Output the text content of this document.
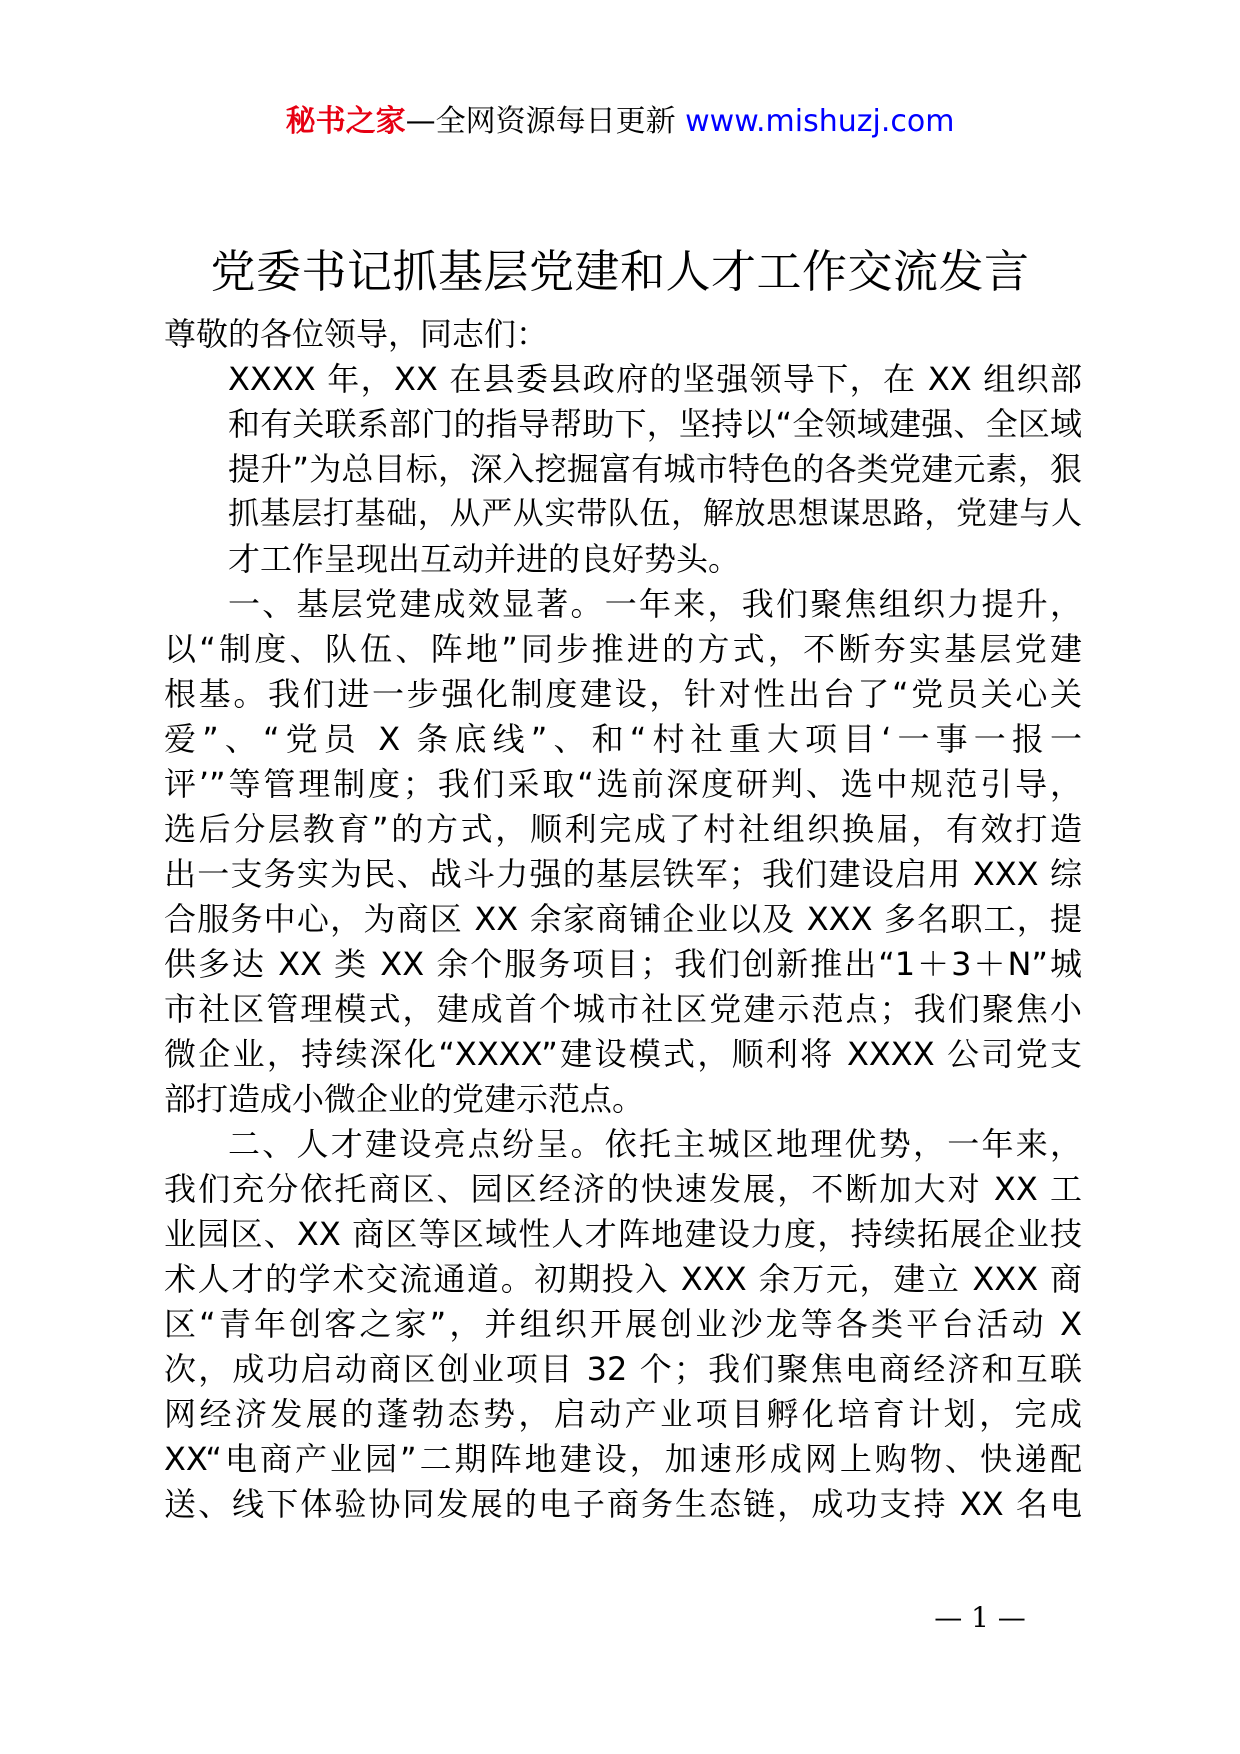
秘书之家—全网资源每日更新 www.mishuzj.com
党委书记抓基层党建和人才工作交流发言

尊敬的各位领导，同志们：

XXXX 年，XX 在县委县政府的坚强领导下，在 XX 组织部
和有关联系部门的指导帮助下，坚持以“全领域建强、全区域
提升”为总目标，深入挖掘富有城市特色的各类党建元素，狠
抓基层打基础，从严从实带队伍，解放思想谋思路，党建与人
才工作呈现出互动并进的良好势头。

一、基层党建成效显著。一年来，我们聚焦组织力提升，
以“制度、队伍、阵地”同步推进的方式，不断夯实基层党建
根基。我们进一步强化制度建设，针对性出台了“党员关心关
爱”、“党员 X 条底线”、和“村社重大项目‘一事一报一
评’”等管理制度；我们采取“选前深度研判、选中规范引导，
选后分层教育”的方式，顺利完成了村社组织换届，有效打造
出一支务实为民、战斗力强的基层铁军；我们建设启用 XXX 综
合服务中心，为商区 XX 余家商铺企业以及 XXX 多名职工，提
供多达 XX 类 XX 余个服务项目；我们创新推出“1＋3＋N”城
市社区管理模式，建成首个城市社区党建示范点；我们聚焦小
微企业，持续深化“XXXX”建设模式，顺利将 XXXX 公司党支
部打造成小微企业的党建示范点。

二、人才建设亮点纷呈。依托主城区地理优势，一年来，
我们充分依托商区、园区经济的快速发展，不断加大对 XX 工
业园区、XX 商区等区域性人才阵地建设力度，持续拓展企业技
术人才的学术交流通道。初期投入 XXX 余万元，建立 XXX 商
区“青年创客之家”，并组织开展创业沙龙等各类平台活动 X
次，成功启动商区创业项目 32 个；我们聚焦电商经济和互联
网经济发展的蓬勃态势，启动产业项目孵化培育计划，完成
XX“电商产业园”二期阵地建设，加速形成网上购物、快递配
送、线下体验协同发展的电子商务生态链，成功支持 XX 名电

— 1 —
